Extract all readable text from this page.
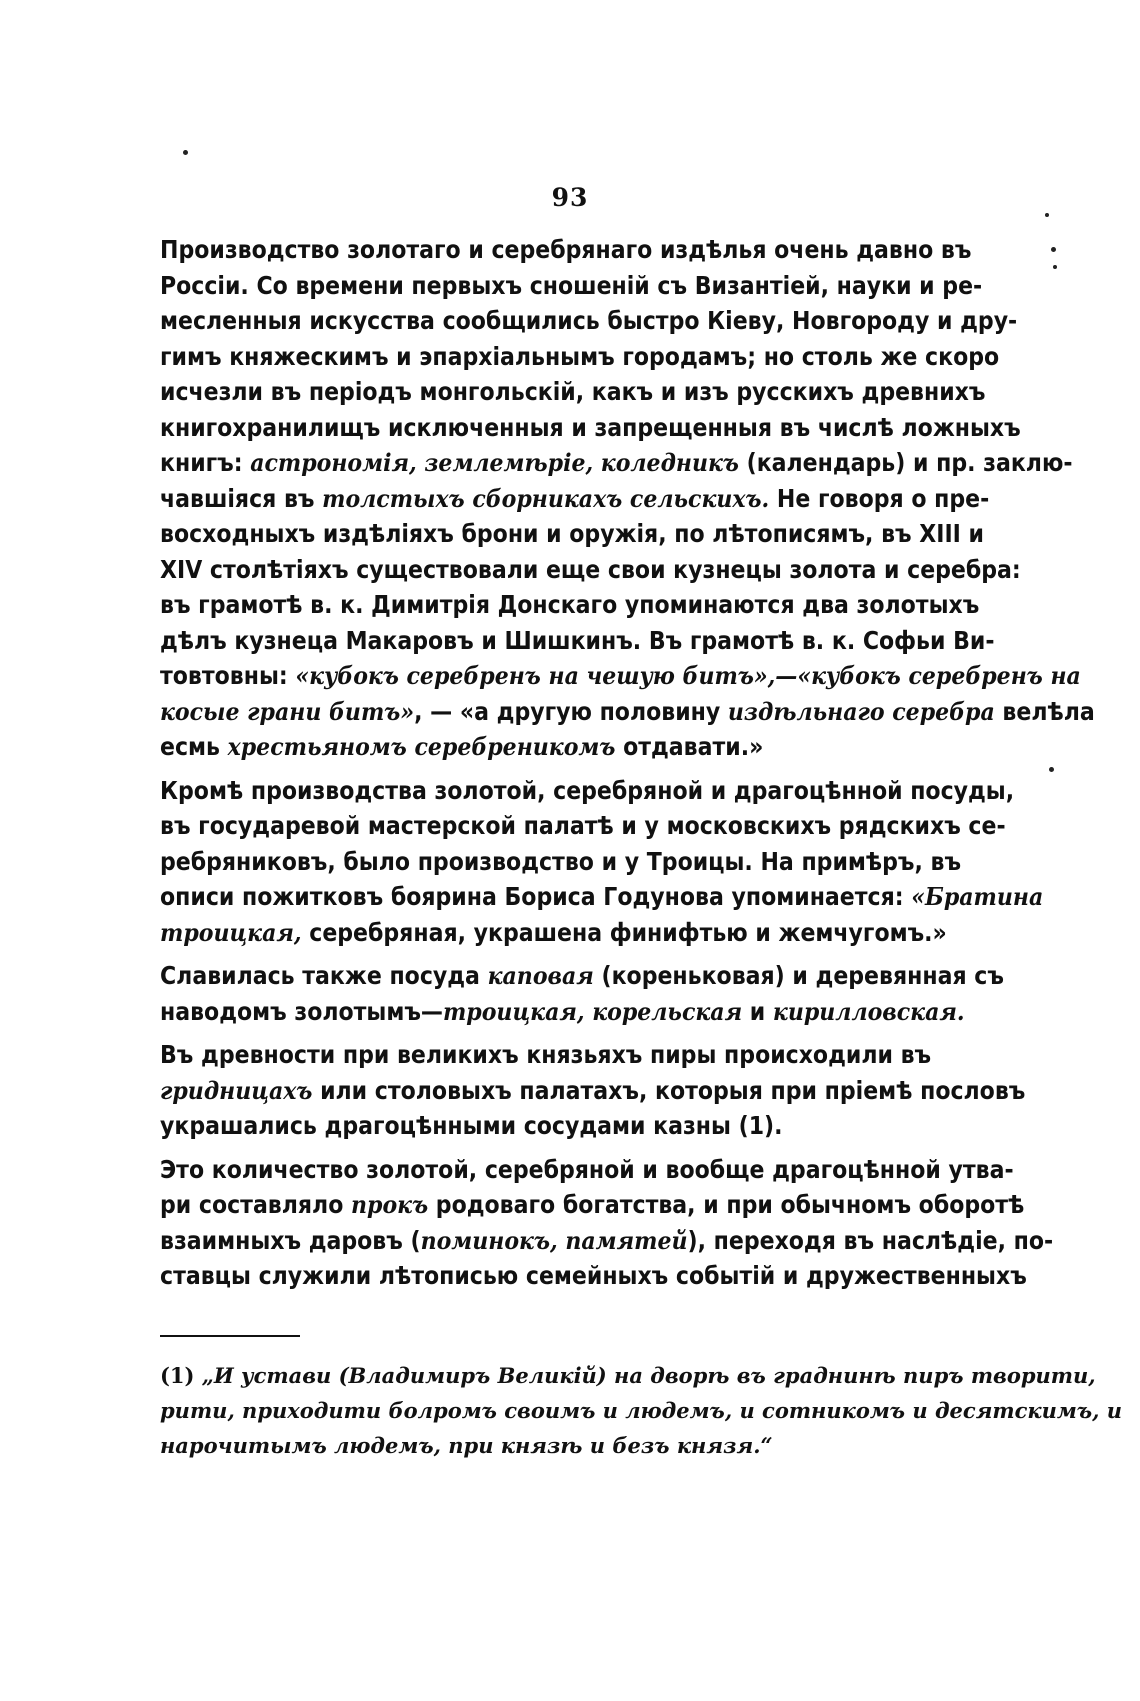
93
Производство золотаго и серебрянаго издѣлья очень давно въ
Россіи. Со времени первыхъ сношеній съ Византіей, науки и ре-
месленныя искусства сообщились быстро Кіеву, Новгороду и дру-
гимъ княжескимъ и эпархіальнымъ городамъ; но столь же скоро
исчезли въ періодъ монгольскій, какъ и изъ русскихъ древнихъ
книгохранилищъ исключенныя и запрещенныя въ числѣ ложныхъ
книгъ: астрономія, землемѣріе, коледникъ (календарь) и пр. заклю-
чавшіяся въ толстыхъ сборникахъ сельскихъ. Не говоря о пре-
восходныхъ издѣліяхъ брони и оружія, по лѣтописямъ, въ XIII и
XIV столѣтіяхъ существовали еще свои кузнецы золота и серебра:
въ грамотѣ в. к. Димитрія Донскаго упоминаются два золотыхъ
дѣлъ кузнеца Макаровъ и Шишкинъ. Въ грамотѣ в. к. Софьи Ви-
товтовны: «кубокъ серебренъ на чешую битъ»,—«кубокъ серебренъ на
косые грани битъ», — «а другую половину издѣльнаго серебра велѣла
есмь хрестьяномъ серебреникомъ отдавати.»
Кромѣ производства золотой, серебряной и драгоцѣнной посуды,
въ государевой мастерской палатѣ и у московскихъ рядскихъ се-
ребряниковъ, было производство и у Троицы. На примѣръ, въ
описи пожитковъ боярина Бориса Годунова упоминается: «Братина
троицкая, серебряная, украшена финифтью и жемчугомъ.»
Славилась также посуда каповая (кореньковая) и деревянная съ
наводомъ золотымъ—троицкая, корельская и кирилловская.
Въ древности при великихъ князьяхъ пиры происходили въ
гридницахъ или столовыхъ палатахъ, которыя при пріемѣ пословъ
украшались драгоцѣнными сосудами казны (1).
Это количество золотой, серебряной и вообще драгоцѣнной утва-
ри составляло прокъ родоваго богатства, и при обычномъ оборотѣ
взаимныхъ даровъ (поминокъ, памятей), переходя въ наслѣдіе, по-
ставцы служили лѣтописью семейныхъ событій и дружественныхъ
(1) „И устави (Владимиръ Великій) на дворѣ въ граднинѣ пиръ творити,
рити, приходити болромъ своимъ и людемъ, и сотникомъ и десятскимъ, и
нарочитымъ людемъ, при князѣ и безъ князя.“
